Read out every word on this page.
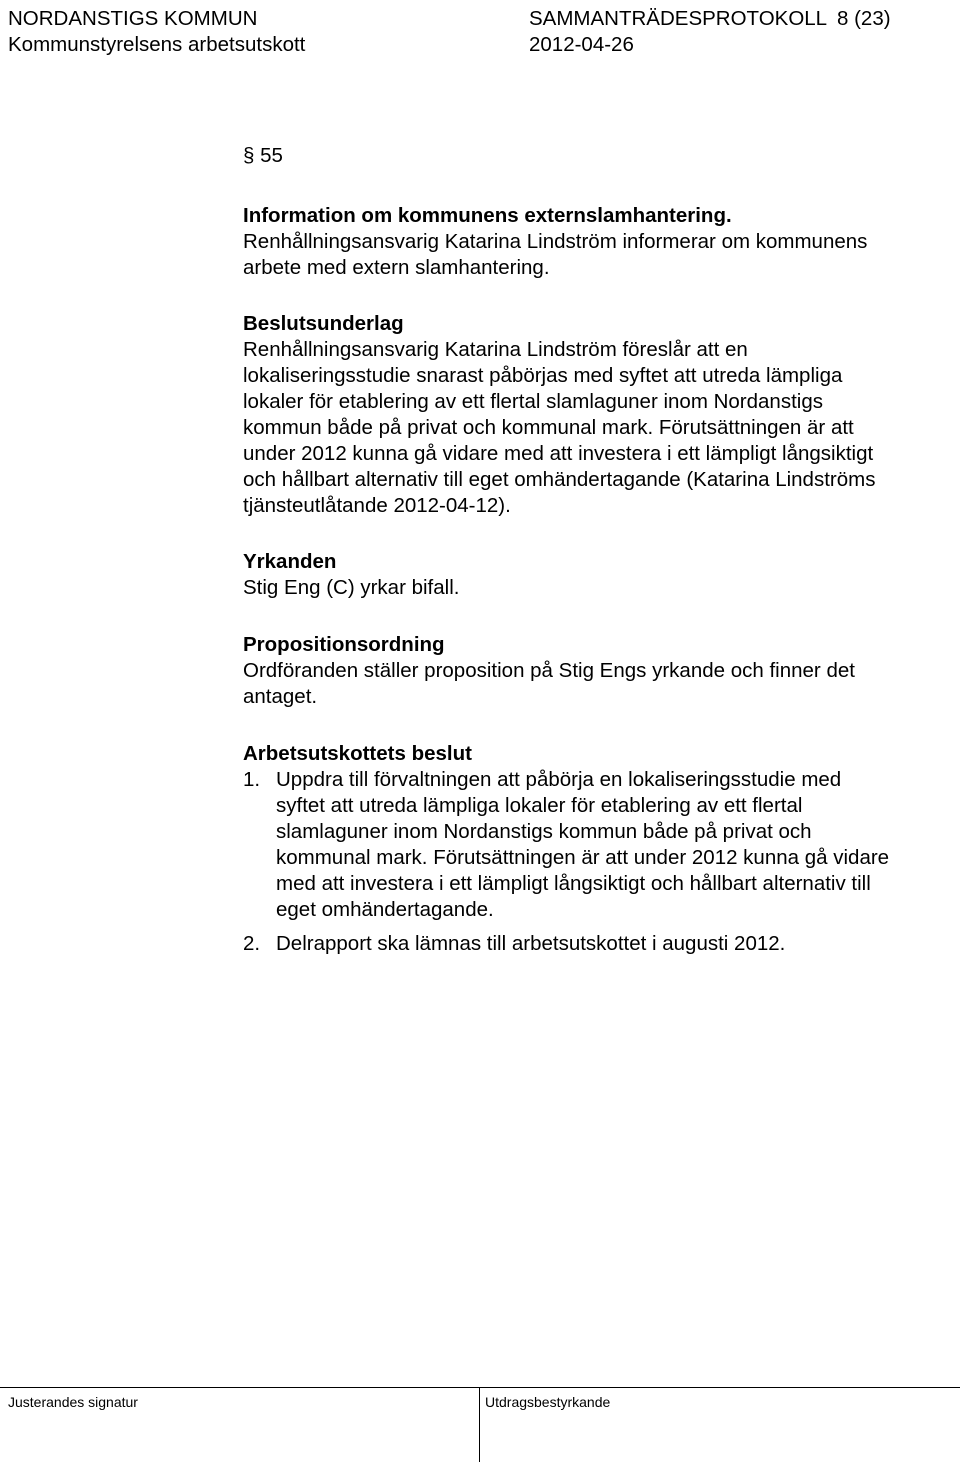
NORDANSTIGS KOMMUN	SAMMANTRÄDESPROTOKOLL 8 (23)
Kommunstyrelsens arbetsutskott	2012-04-26
§ 55
Information om kommunens externslamhantering.
Renhållningsansvarig Katarina Lindström informerar om kommunens
arbete med extern slamhantering.
Beslutsunderlag
Renhållningsansvarig Katarina Lindström föreslår att en
lokaliseringsstudie snarast påbörjas med syftet att utreda lämpliga
lokaler för etablering av ett flertal slamlaguner inom Nordanstigs
kommun både på privat och kommunal mark. Förutsättningen är att
under 2012 kunna gå vidare med att investera i ett lämpligt långsiktigt
och hållbart alternativ till eget omhändertagande (Katarina Lindströms
tjänsteutlåtande 2012-04-12).
Yrkanden
Stig Eng (C) yrkar bifall.
Propositionsordning
Ordföranden ställer proposition på Stig Engs yrkande och finner det
antaget.
Arbetsutskottets beslut
1. Uppdra till förvaltningen att påbörja en lokaliseringsstudie med
syftet att utreda lämpliga lokaler för etablering av ett flertal
slamlaguner inom Nordanstigs kommun både på privat och
kommunal mark. Förutsättningen är att under 2012 kunna gå vidare
med att investera i ett lämpligt långsiktigt och hållbart alternativ till
eget omhändertagande.
2. Delrapport ska lämnas till arbetsutskottet i augusti 2012.
Justerandes signatur	Utdragsbestyrkande
